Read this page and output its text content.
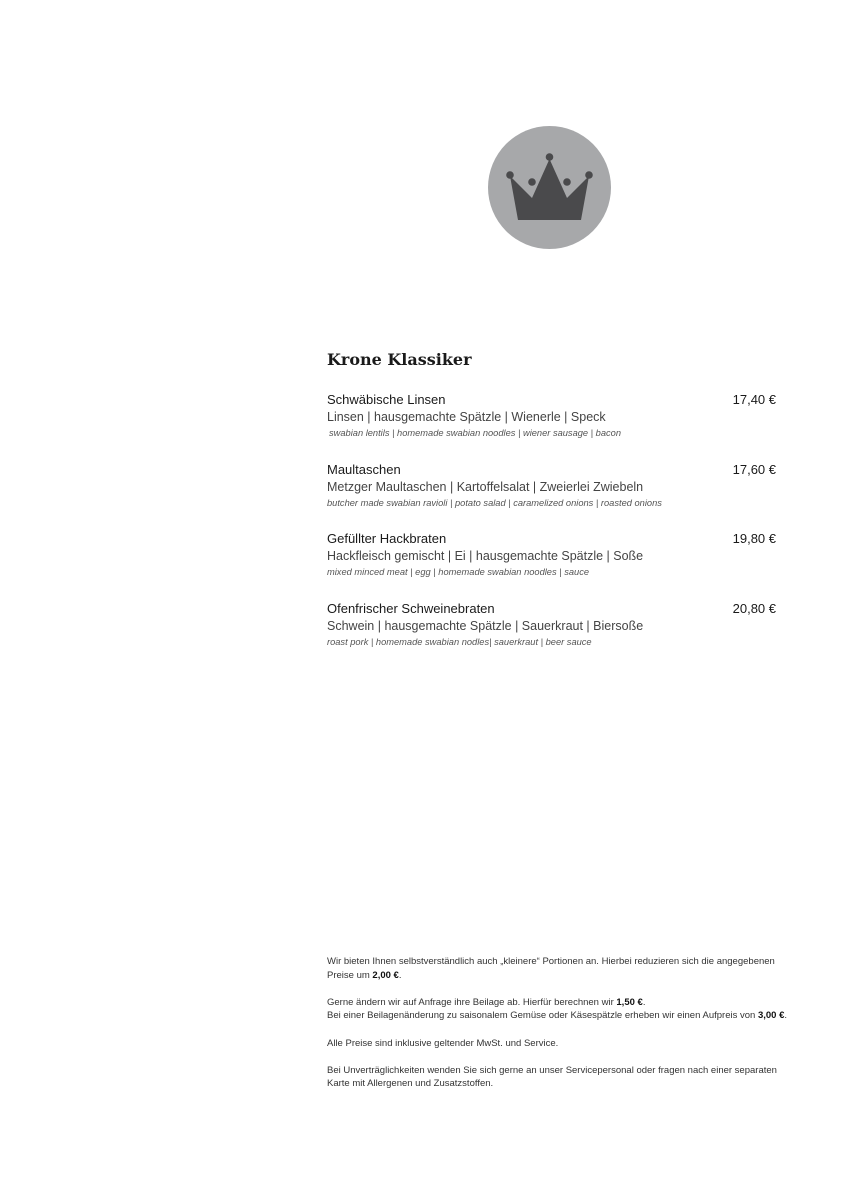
Krone Klassiker
Schwäbische Linsen	17,40 €
Linsen | hausgemachte Spätzle | Wienerle | Speck
swabian lentils | homemade swabian noodles | wiener sausage | bacon
Maultaschen	17,60 €
Metzger Maultaschen | Kartoffelsalat | Zweierlei Zwiebeln
butcher made swabian ravioli | potato salad | caramelized onions | roasted onions
Gefüllter Hackbraten	19,80 €
Hackfleisch gemischt | Ei | hausgemachte Spätzle | Soße
mixed minced meat | egg | homemade swabian noodles | sauce
Ofenfrischer Schweinebraten	20,80 €
Schwein | hausgemachte Spätzle | Sauerkraut | Biersoße
roast pork | homemade swabian nodles| sauerkraut | beer sauce

Wir bieten Ihnen selbstverständlich auch „kleinere“ Portionen an. Hierbei reduzieren sich die angegebenen Preise um 2,00 €.

Gerne ändern wir auf Anfrage ihre Beilage ab. Hierfür berechnen wir 1,50 €.
Bei einer Beilagenänderung zu saisonalem Gemüse oder Käsespätzle erheben wir einen Aufpreis von 3,00 €.

Alle Preise sind inklusive geltender MwSt. und Service.

Bei Unverträglichkeiten wenden Sie sich gerne an unser Servicepersonal oder fragen nach einer separaten Karte mit Allergenen und Zusatzstoffen.
